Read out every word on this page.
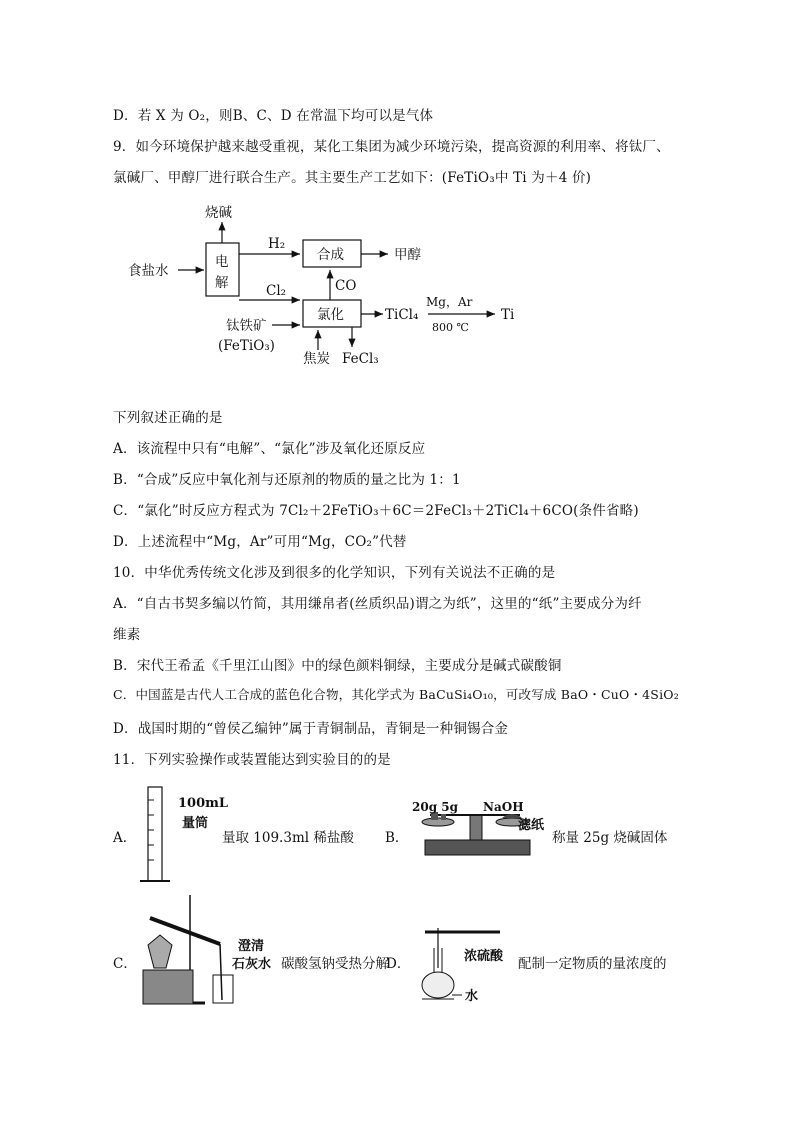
D．若 X 为 O₂，则B、C、D 在常温下均可以是气体
9．如今环境保护越来越受重视，某化工集团为减少环境污染，提高资源的利用率、将钛厂、
氯碱厂、甲醇厂进行联合生产。其主要生产工艺如下：(FeTiO₃中 Ti 为＋4 价)
电
解
烧碱
食盐水
H₂
合成	甲醇
CO
Cl₂
氯化	TiCl₄
Mg，Ar
800 ℃
Ti
钛铁矿
(FeTiO₃)
焦炭 FeCl₃
100mL
量筒
20g 5g NaOH
滤纸
澄清
石灰水
浓硫酸
水
下列叙述正确的是
A．该流程中只有“电解”、“氯化”涉及氧化还原反应
B．“合成”反应中氧化剂与还原剂的物质的量之比为 1：1
C．“氯化”时反应方程式为 7Cl₂＋2FeTiO₃＋6C＝2FeCl₃＋2TiCl₄＋6CO(条件省略)
D．上述流程中“Mg，Ar”可用“Mg，CO₂”代替
10．中华优秀传统文化涉及到很多的化学知识，下列有关说法不正确的是
A．“自古书契多编以竹简，其用缣帛者(丝质织品)谓之为纸”，这里的“纸”主要成分为纤
维素
B．宋代王希孟《千里江山图》中的绿色颜料铜绿，主要成分是碱式碳酸铜
C．中国蓝是古代人工合成的蓝色化合物，其化学式为 BaCuSi₄O₁₀，可改写成 BaO・CuO・4SiO₂
D．战国时期的“曾侯乙编钟”属于青铜制品，青铜是一种铜锡合金
11．下列实验操作或装置能达到实验目的的是
A．	量取 109.3ml 稀盐酸 B．	称量 25g 烧碱固体
C．	碳酸氢钠受热分解
D．	配制一定物质的量浓度的
